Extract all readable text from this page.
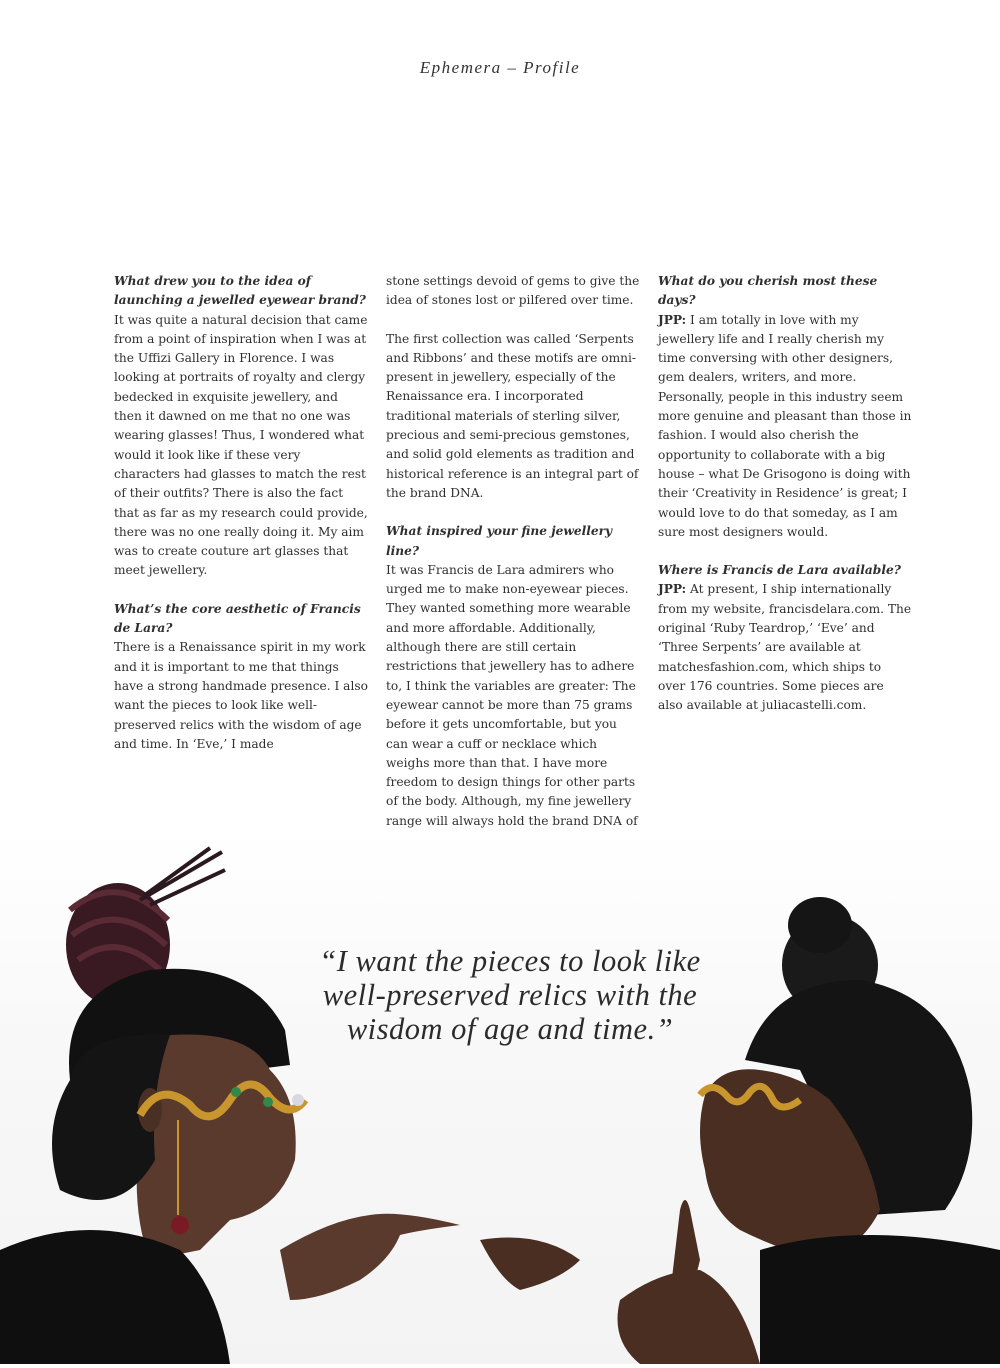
Ephemera – Profile

What drew you to the idea of launching a jewelled eyewear brand?
It was quite a natural decision that came from a point of inspiration when I was at the Uffizi Gallery in Florence. I was looking at portraits of royalty and clergy bedecked in exquisite jewellery, and then it dawned on me that no one was wearing glasses! Thus, I wondered what would it look like if these very characters had glasses to match the rest of their outfits? There is also the fact that as far as my research could provide, there was no one really doing it. My aim was to create couture art glasses that meet jewellery.

What’s the core aesthetic of Francis de Lara?
There is a Renaissance spirit in my work and it is important to me that things have a strong handmade presence. I also want the pieces to look like well-preserved relics with the wisdom of age and time. In ‘Eve,’ I made

stone settings devoid of gems to give the idea of stones lost or pilfered over time.

The first collection was called ‘Serpents and Ribbons’ and these motifs are omni-present in jewellery, especially of the Renaissance era. I incorporated traditional materials of sterling silver, precious and semi-precious gemstones, and solid gold elements as tradition and historical reference is an integral part of the brand DNA.

What inspired your fine jewellery line?
It was Francis de Lara admirers who urged me to make non-eyewear pieces. They wanted something more wearable and more affordable. Additionally, although there are still certain restrictions that jewellery has to adhere to, I think the variables are greater: The eyewear cannot be more than 75 grams before it gets uncomfortable, but you can wear a cuff or necklace which weighs more than that. I have more freedom to design things for other parts of the body. Although, my fine jewellery range will always hold the brand DNA of

What do you cherish most these days?
JPP: I am totally in love with my jewellery life and I really cherish my time conversing with other designers, gem dealers, writers, and more. Personally, people in this industry seem more genuine and pleasant than those in fashion. I would also cherish the opportunity to collaborate with a big house – what De Grisogono is doing with their ‘Creativity in Residence’ is great; I would love to do that someday, as I am sure most designers would.

Where is Francis de Lara available?
JPP: At present, I ship internationally from my website, francisdelara.com. The original ‘Ruby Teardrop,’ ‘Eve’ and ‘Three Serpents’ are available at matchesfashion.com, which ships to over 176 countries. Some pieces are also available at juliacastelli.com.

“I want the pieces to look like well-preserved relics with the wisdom of age and time.”
